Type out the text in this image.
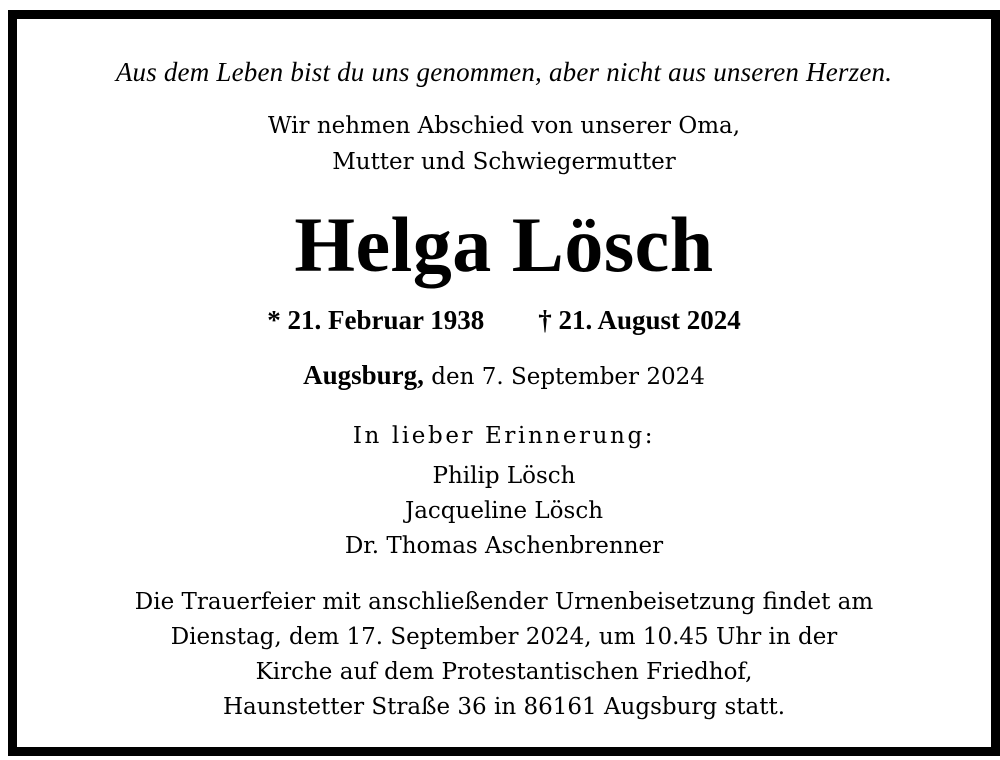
Aus dem Leben bist du uns genommen, aber nicht aus unseren Herzen.
Wir nehmen Abschied von unserer Oma,
Mutter und Schwiegermutter
Helga Lösch
* 21. Februar 1938 † 21. August 2024
Augsburg, den 7. September 2024
In lieber Erinnerung:
Philip Lösch
Jacqueline Lösch
Dr. Thomas Aschenbrenner
Die Trauerfeier mit anschließender Urnenbeisetzung findet am
Dienstag, dem 17. September 2024, um 10.45 Uhr in der
Kirche auf dem Protestantischen Friedhof,
Haunstetter Straße 36 in 86161 Augsburg statt.
